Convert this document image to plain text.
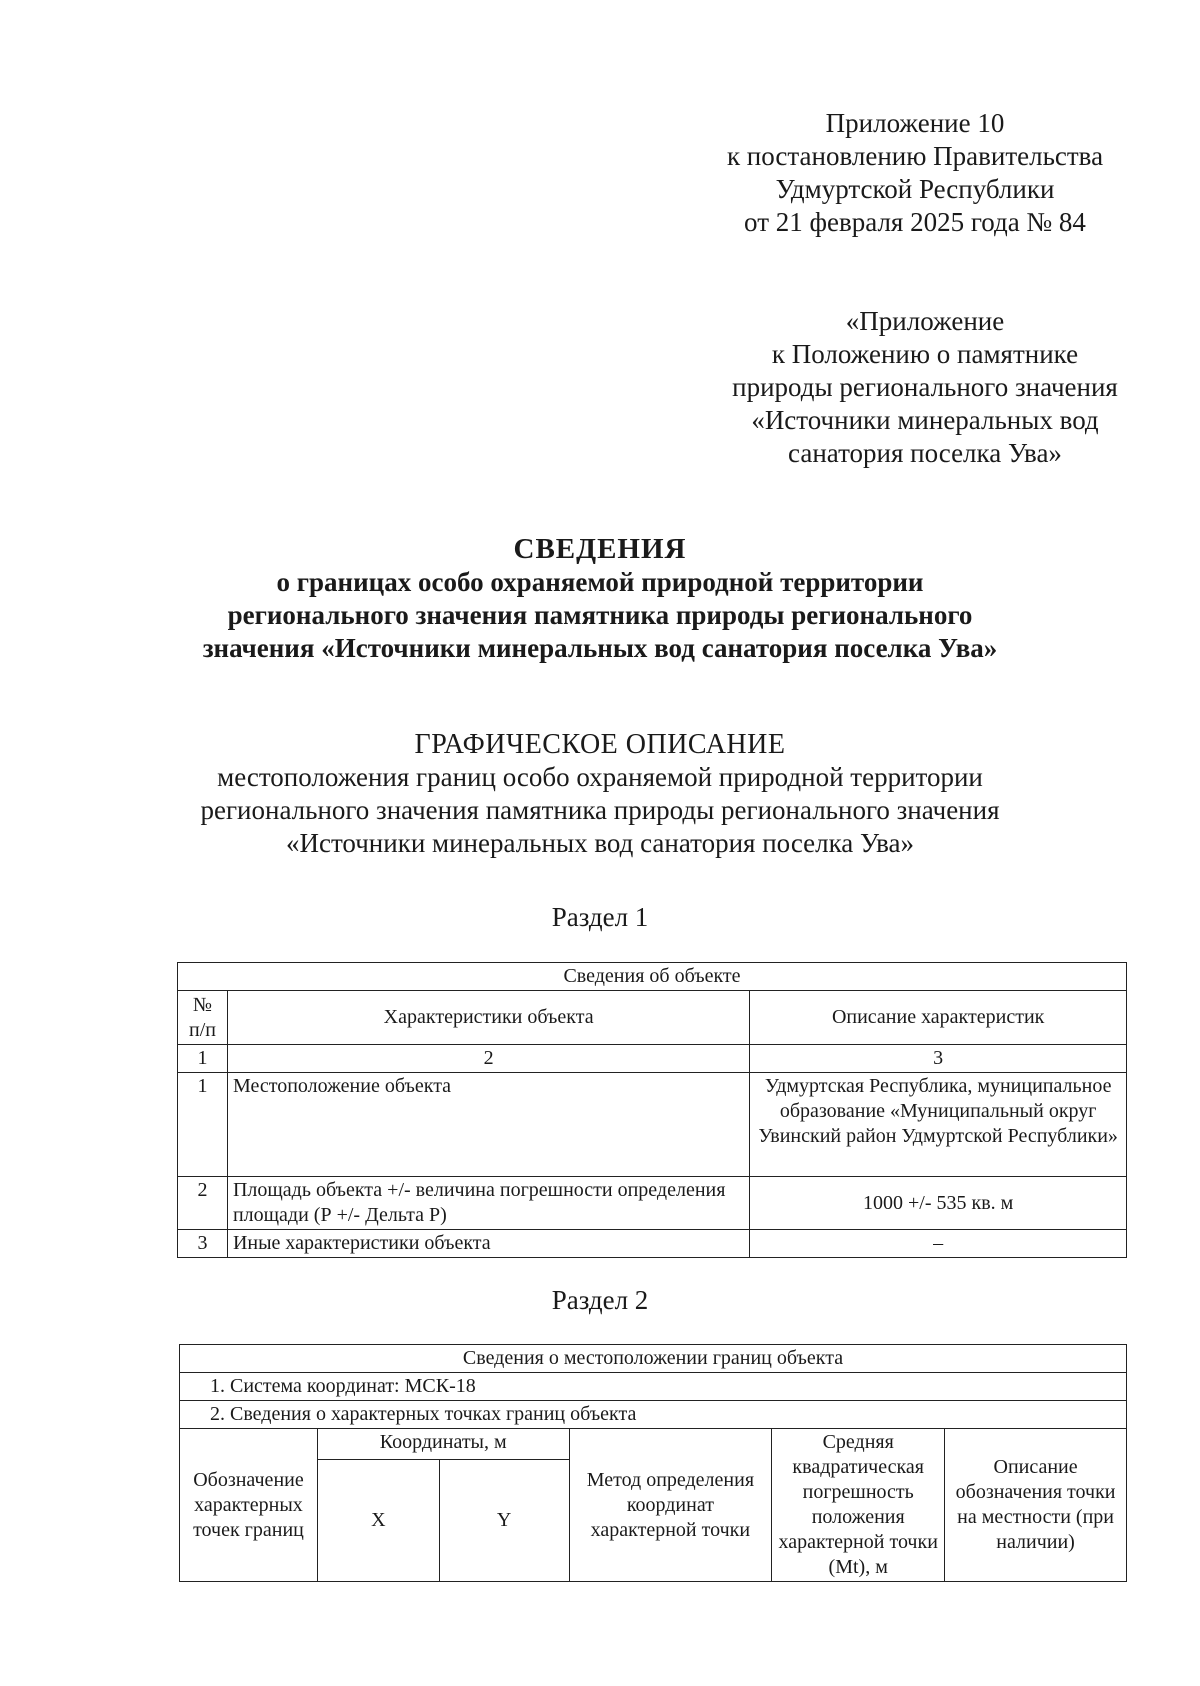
Приложение 10
к постановлению Правительства
Удмуртской Республики
от 21 февраля 2025 года № 84
«Приложение
к Положению о памятнике
природы регионального значения
«Источники минеральных вод
санатория поселка Ува»
СВЕДЕНИЯ
о границах особо охраняемой природной территории
регионального значения памятника природы регионального
значения «Источники минеральных вод санатория поселка Ува»
ГРАФИЧЕСКОЕ ОПИСАНИЕ
местоположения границ особо охраняемой природной территории
регионального значения памятника природы регионального значения
«Источники минеральных вод санатория поселка Ува»
Раздел 1
Сведения об объекте		
№ п/п	Характеристики объекта	Описание характеристик
1	2	3
1	Местоположение объекта	Удмуртская Республика, муниципальное образование «Муниципальный округ Увинский район Удмуртской Республики»
2	Площадь объекта +/- величина погрешности определения площади (Р +/- Дельта Р)	1000 +/- 535 кв. м
3	Иные характеристики объекта	–
Раздел 2
Сведения о местоположении границ объекта					
1. Система координат: МСК-18					
2. Сведения о характерных точках границ объекта					
Обозначение характерных точек границ	Координаты, м		Метод определения координат характерной точки	Средняя квадратическая погрешность положения характерной точки (Mt), м	Описание обозначения точки на местности (при наличии)
	X	Y			
